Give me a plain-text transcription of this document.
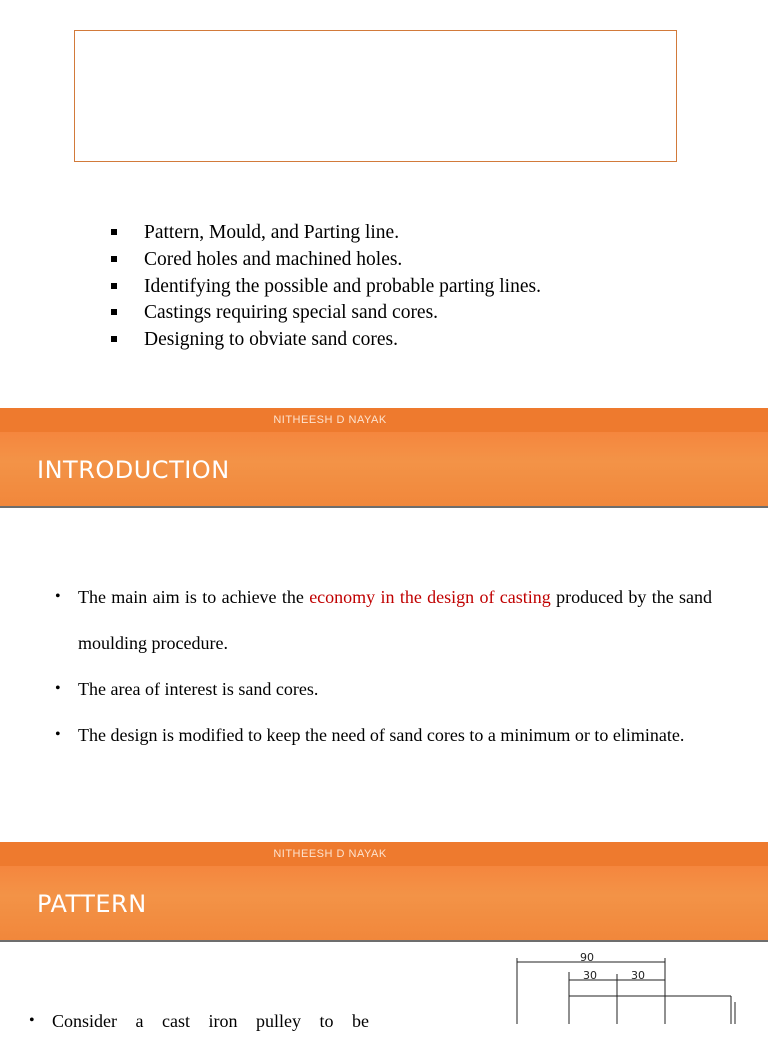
Pattern, Mould, and Parting line.
Cored holes and machined holes.
Identifying the possible and probable parting lines.
Castings requiring special sand cores.
Designing to obviate sand cores.
NITHEESH D NAYAK
INTRODUCTION
• The main aim is to achieve the economy in the design of casting produced by the sand moulding procedure.
• The area of interest is sand cores.
• The design is modified to keep the need of sand cores to a minimum or to eliminate.
NITHEESH D NAYAK
PATTERN
• Consider a cast iron pulley to be
90
30	30
